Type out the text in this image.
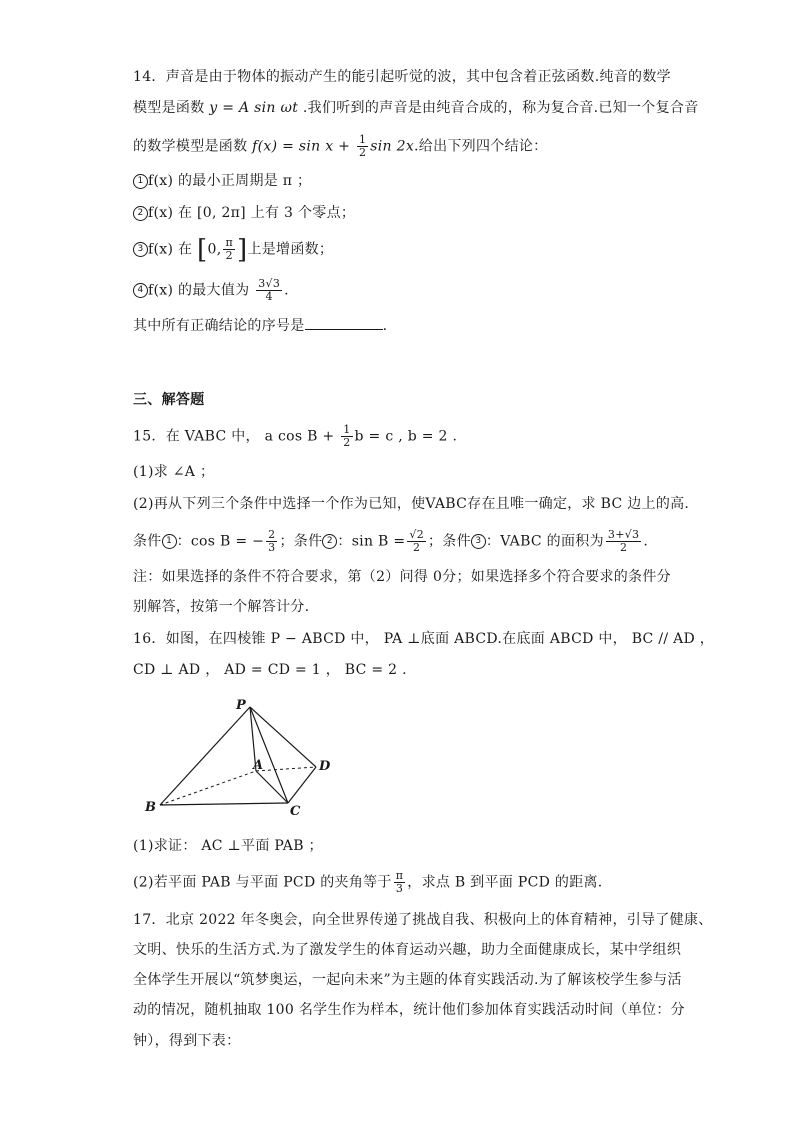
14．声音是由于物体的振动产生的能引起听觉的波，其中包含着正弦函数.纯音的数学
模型是函数 y = A sin ωt .我们听到的声音是由纯音合成的，称为复合音.已知一个复合音
的数学模型是函数 $f(x) = \sin x + \frac{1}{2}$ sin 2x.给出下列四个结论：
1 f(x) 的最小正周期是 π ；
2 f(x) 在 [0, 2π] 上有 3 个零点；
3 f(x) 在 [0, $\frac{\pi}{2}$ ]上是增函数；
4 f(x) 的最大值为 $\frac{3√3}{4}$ .
其中所有正确结论的序号是	.
三、解答题
15．在 VABC 中， a $\cos B + \frac{1}{2}$ b = c , b = 2 .
(1)求 ∠A ；
(2)再从下列三个条件中选择一个作为已知，使VABC存在且唯一确定，求 BC 边上的高.
条件 1 ：cos B = − $\frac{2}{3}$ ；条件 2 ：$\sin B = \frac{√2}{2}$ ；条件 3 ：VABC 的面积为 $\frac{3+√3}{2}$ .
注：如果选择的条件不符合要求，第（2）问得 0分；如果选择多个符合要求的条件分
别解答，按第一个解答计分.
16．如图，在四棱锥 P − ABCD 中， PA ⊥底面 ABCD.在底面 ABCD 中， BC // AD ，
CD ⊥ AD ， AD = CD = 1 ， BC = 2 .
P
A
B	C
D
(1)求证： AC ⊥平面 PAB ；
(2)若平面 PAB 与平面 PCD 的夹角等于 $\frac{\pi}{3}$ ，求点 B 到平面 PCD 的距离.
17．北京 2022 年冬奥会，向全世界传递了挑战自我、积极向上的体育精神，引导了健康、
文明、快乐的生活方式.为了激发学生的体育运动兴趣，助力全面健康成长，某中学组织
全体学生开展以“筑梦奥运，一起向未来”为主题的体育实践活动.为了解该校学生参与活
动的情况，随机抽取 100 名学生作为样本，统计他们参加体育实践活动时间（单位：分
钟），得到下表：
